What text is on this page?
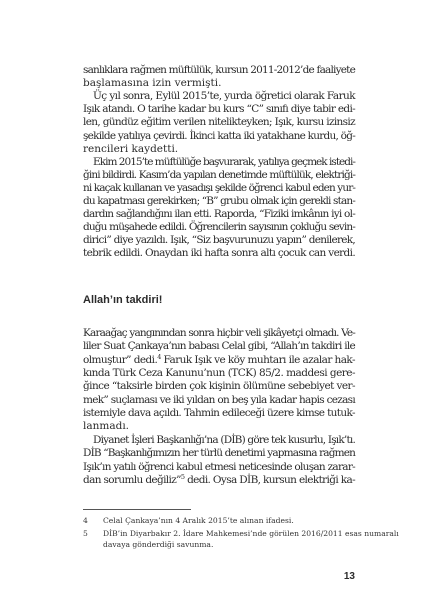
sanlıklara rağmen müftülük, kursun 2011-2012’de faaliyete
başlamasına izin vermişti.
Üç yıl sonra, Eylül 2015’te, yurda öğretici olarak Faruk
Işık atandı. O tarihe kadar bu kurs “C” sınıfı diye tabir edi-
len, gündüz eğitim verilen nitelikteyken; Işık, kursu izinsiz
şekilde yatılıya çevirdi. İkinci katta iki yatakhane kurdu, öğ-
rencileri kaydetti.
Ekim 2015’te müftülüğe başvurarak, yatılıya geçmek istedi-
ğini bildirdi. Kasım’da yapılan denetimde müftülük, elektriği-
ni kaçak kullanan ve yasadışı şekilde öğrenci kabul eden yur-
du kapatması gerekirken; “B” grubu olmak için gerekli stan-
dardın sağlandığını ilan etti. Raporda, “Fiziki imkânın iyi ol-
duğu müşahede edildi. Öğrencilerin sayısının çokluğu sevin-
dirici” diye yazıldı. Işık, “Siz başvurunuzu yapın” denilerek,
tebrik edildi. Onaydan iki hafta sonra altı çocuk can verdi.
Allah’ın takdiri!
Karaağaç yangınından sonra hiçbir veli şikâyetçi olmadı. Ve-
liler Suat Çankaya’nın babası Celal gibi, “Allah’ın takdiri ile
olmuştur” dedi.$^4$ Faruk Işık ve köy muhtarı ile azalar hak-
kında Türk Ceza Kanunu’nun (TCK) 85/2. maddesi gere-
ğince “taksirle birden çok kişinin ölümüne sebebiyet ver-
mek” suçlaması ve iki yıldan on beş yıla kadar hapis cezası
istemiyle dava açıldı. Tahmin edileceği üzere kimse tutuk-
lanmadı.
Diyanet İşleri Başkanlığı’na (DİB) göre tek kusurlu, Işık’tı.
DİB “Başkanlığımızın her türlü denetimi yapmasına rağmen
Işık’ın yatılı öğrenci kabul etmesi neticesinde oluşan zarar-
dan sorumlu değiliz”$^5$ dedi. Oysa DİB, kursun elektriği ka-
4 Celal Çankaya’nın 4 Aralık 2015’te alınan ifadesi.
5 DİB’in Diyarbakır 2. İdare Mahkemesi’nde görülen 2016/2011 esas numaralı
davaya gönderdiği savunma.
13
